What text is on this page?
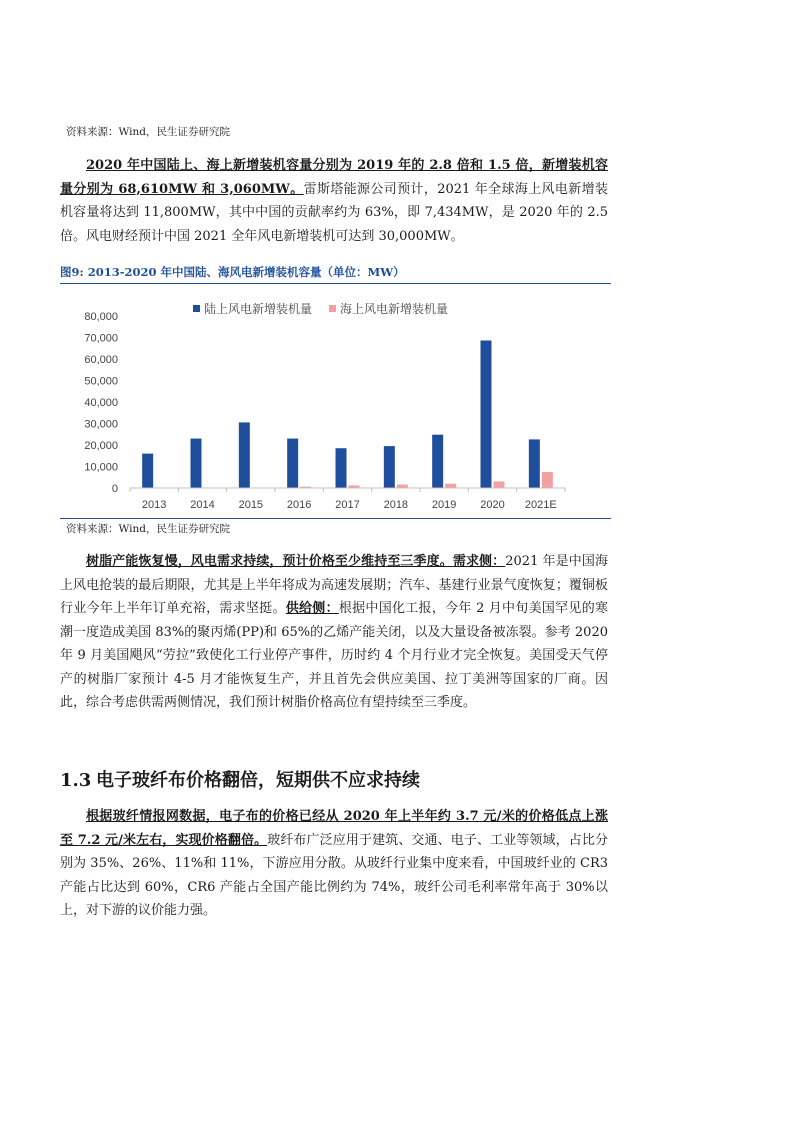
资料来源：Wind，民生证券研究院

2020 年中国陆上、海上新增装机容量分别为 2019 年的 2.8 倍和 1.5 倍，新增装机容量分别为 68,610MW 和 3,060MW。雷斯塔能源公司预计，2021 年全球海上风电新增装机容量将达到 11,800MW，其中中国的贡献率约为 63%，即 7,434MW，是 2020 年的 2.5 倍。风电财经预计中国 2021 全年风电新增装机可达到 30,000MW。

图9: 2013-2020 年中国陆、海风电新增装机容量（单位：MW）
陆上风电新增装机量 海上风电新增装机量
0
10,000
20,000
30,000
40,000
50,000
60,000
70,000
80,000
2013 2014 2015 2016 2017 2018 2019 2020 2021E
资料来源：Wind，民生证券研究院

树脂产能恢复慢，风电需求持续，预计价格至少维持至三季度。需求侧：2021 年是中国海上风电抢装的最后期限，尤其是上半年将成为高速发展期；汽车、基建行业景气度恢复；覆铜板行业今年上半年订单充裕，需求坚挺。供给侧：根据中国化工报，今年 2 月中旬美国罕见的寒潮一度造成美国 83%的聚丙烯(PP)和 65%的乙烯产能关闭，以及大量设备被冻裂。参考 2020 年 9 月美国飓风“劳拉”致使化工行业停产事件，历时约 4 个月行业才完全恢复。美国受天气停产的树脂厂家预计 4-5 月才能恢复生产，并且首先会供应美国、拉丁美洲等国家的厂商。因此，综合考虑供需两侧情况，我们预计树脂价格高位有望持续至三季度。

1.3 电子玻纤布价格翻倍，短期供不应求持续

根据玻纤情报网数据，电子布的价格已经从 2020 年上半年约 3.7 元/米的价格低点上涨至 7.2 元/米左右，实现价格翻倍。玻纤布广泛应用于建筑、交通、电子、工业等领域，占比分别为 35%、26%、11%和 11%，下游应用分散。从玻纤行业集中度来看，中国玻纤业的 CR3 产能占比达到 60%，CR6 产能占全国产能比例约为 74%，玻纤公司毛利率常年高于 30%以上，对下游的议价能力强。
